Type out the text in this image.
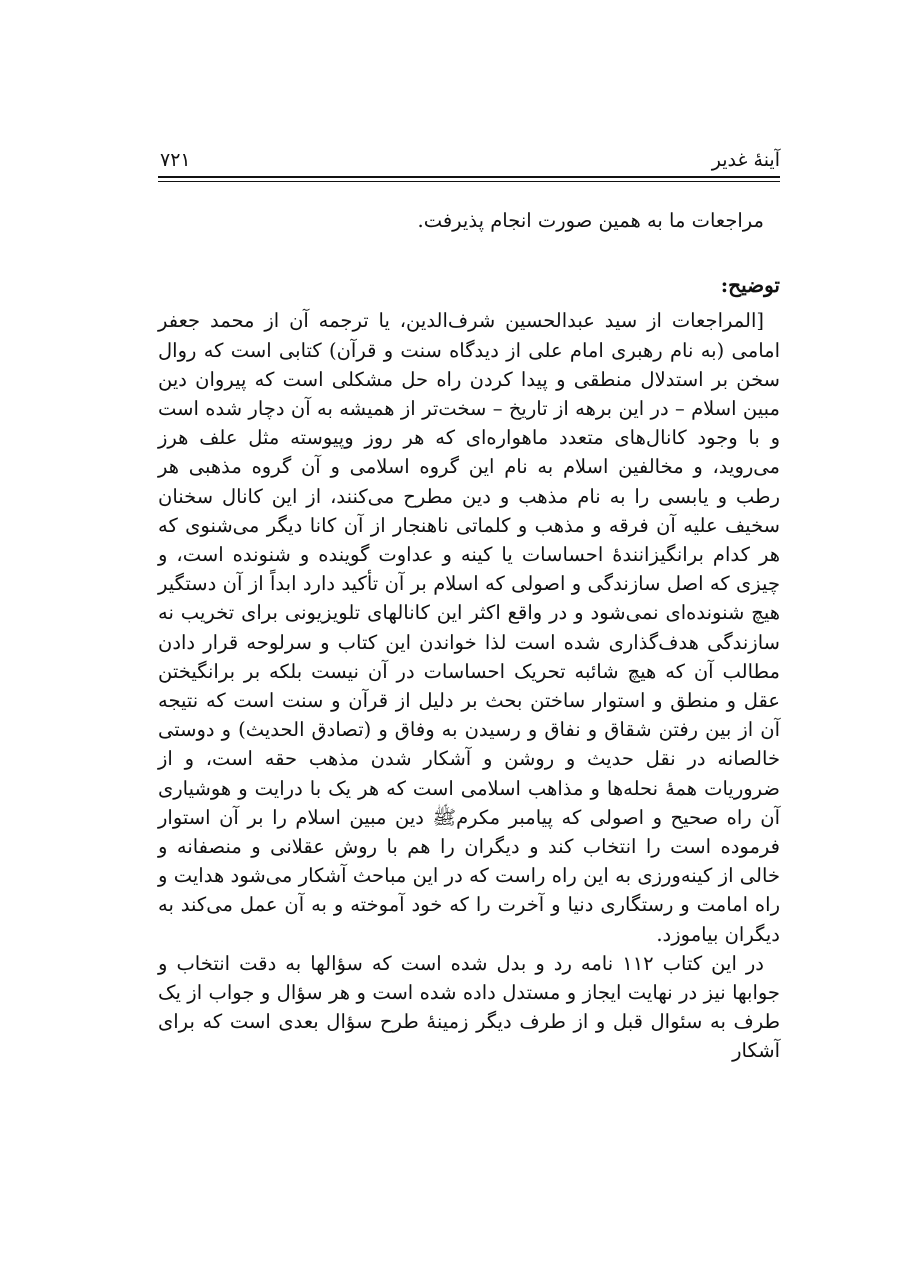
آینهٔ غدیر
۷۲۱

مراجعات ما به همین صورت انجام پذیرفت.

توضیح:

[المراجعات از سید عبدالحسین شرف‌الدین، یا ترجمه آن از محمد جعفر امامی (به نام رهبری امام علی از دیدگاه سنت و قرآن) کتابی است که روال سخن بر استدلال منطقی و پیدا کردن راه حل مشکلی است که پیروان دین مبین اسلام – در این برهه از تاریخ – سخت‌تر از همیشه به آن دچار شده است و با وجود کانال‌های متعدد ماهواره‌ای که هر روز وپیوسته مثل علف هرز می‌روید، و مخالفین اسلام به نام این گروه اسلامی و آن گروه مذهبی هر رطب و یابسی را به نام مذهب و دین مطرح می‌کنند، از این کانال سخنان سخیف علیه آن فرقه و مذهب و کلماتی ناهنجار از آن کانا دیگر می‌شنوی که هر کدام برانگیزانندهٔ احساسات یا کینه و عداوت گوینده و شنونده است، و چیزی که اصل سازندگی و اصولی که اسلام بر آن تأکید دارد ابداً از آن دستگیر هیچ شنونده‌ای نمی‌شود و در واقع اکثر این کانالهای تلویزیونی برای تخریب نه سازندگی هدف‌گذاری شده است لذا خواندن این کتاب و سرلوحه قرار دادن مطالب آن که هیچ شائبه تحریک احساسات در آن نیست بلکه بر برانگیختن عقل و منطق و استوار ساختن بحث بر دلیل از قرآن و سنت است که نتیجه آن از بین رفتن شقاق و نفاق و رسیدن به وفاق و (تصادق الحدیث) و دوستی خالصانه در نقل حدیث و روشن و آشکار شدن مذهب حقه است، و از ضروریات همهٔ نحله‌ها و مذاهب اسلامی است که هر یک با درایت و هوشیاری آن راه صحیح و اصولی که پیامبر مکرمﷺ دین مبین اسلام را بر آن استوار فرموده است را انتخاب کند و دیگران را هم با روش عقلانی و منصفانه و خالی از کینه‌ورزی به این راه راست که در این مباحث آشکار می‌شود هدایت و راه امامت و رستگاری دنیا و آخرت را که خود آموخته و به آن عمل می‌کند به دیگران بیاموزد.

در این کتاب ۱۱۲ نامه رد و بدل شده است که سؤالها به دقت انتخاب و جوابها نیز در نهایت ایجاز و مستدل داده شده است و هر سؤال و جواب از یک طرف به سئوال قبل و از طرف دیگر زمینهٔ طرح سؤال بعدی است که برای آشکار
